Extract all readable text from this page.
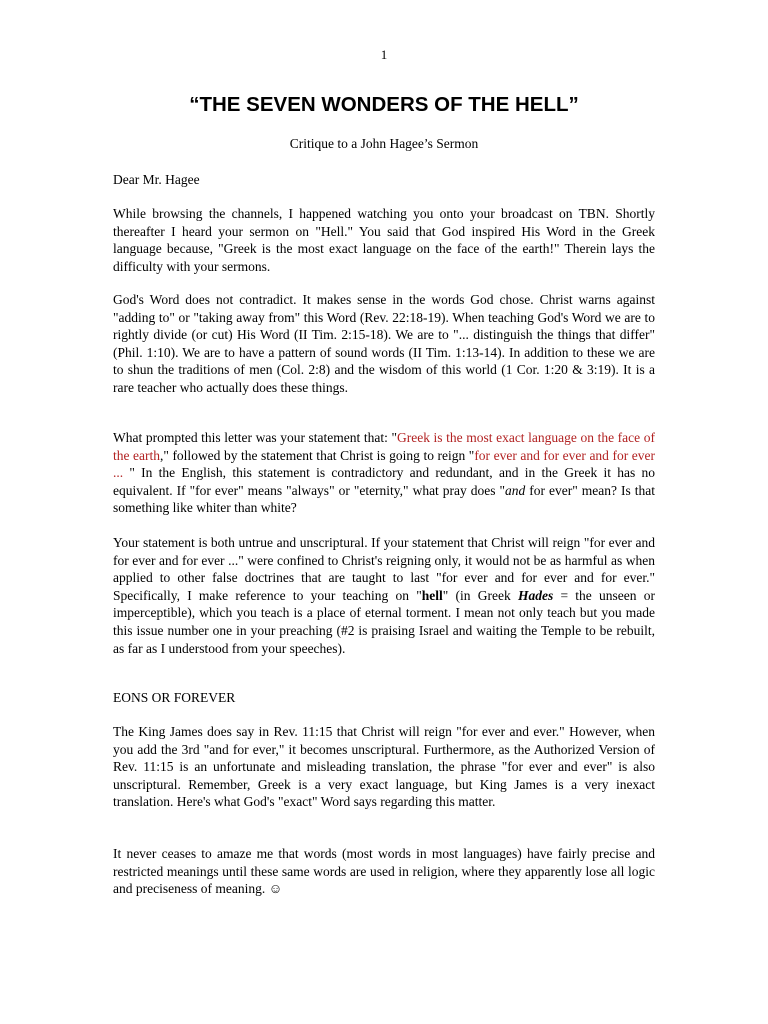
1
“THE SEVEN WONDERS OF THE HELL”
Critique to a John Hagee’s Sermon
Dear Mr. Hagee
While browsing the channels, I happened watching you onto your broadcast on TBN. Shortly thereafter I heard your sermon on "Hell." You said that God inspired His Word in the Greek language because, "Greek is the most exact language on the face of the earth!" Therein lays the difficulty with your sermons.
God's Word does not contradict. It makes sense in the words God chose. Christ warns against "adding to" or "taking away from" this Word (Rev. 22:18-19). When teaching God's Word we are to rightly divide (or cut) His Word (II Tim. 2:15-18). We are to "... distinguish the things that differ" (Phil. 1:10). We are to have a pattern of sound words (II Tim. 1:13-14). In addition to these we are to shun the traditions of men (Col. 2:8) and the wisdom of this world (1 Cor. 1:20 & 3:19). It is a rare teacher who actually does these things.
What prompted this letter was your statement that: "Greek is the most exact language on the face of the earth," followed by the statement that Christ is going to reign "for ever and for ever and for ever ... " In the English, this statement is contradictory and redundant, and in the Greek it has no equivalent. If "for ever" means "always" or "eternity," what pray does "and for ever" mean? Is that something like whiter than white?
Your statement is both untrue and unscriptural. If your statement that Christ will reign "for ever and for ever and for ever ..." were confined to Christ's reigning only, it would not be as harmful as when applied to other false doctrines that are taught to last "for ever and for ever and for ever." Specifically, I make reference to your teaching on "hell" (in Greek Hades = the unseen or imperceptible), which you teach is a place of eternal torment. I mean not only teach but you made this issue number one in your preaching (#2 is praising Israel and waiting the Temple to be rebuilt, as far as I understood from your speeches).
EONS OR FOREVER
The King James does say in Rev. 11:15 that Christ will reign "for ever and ever." However, when you add the 3rd "and for ever," it becomes unscriptural. Furthermore, as the Authorized Version of Rev. 11:15 is an unfortunate and misleading translation, the phrase "for ever and ever" is also unscriptural. Remember, Greek is a very exact language, but King James is a very inexact translation. Here's what God's "exact" Word says regarding this matter.
It never ceases to amaze me that words (most words in most languages) have fairly precise and restricted meanings until these same words are used in religion, where they apparently lose all logic and preciseness of meaning. ☺
